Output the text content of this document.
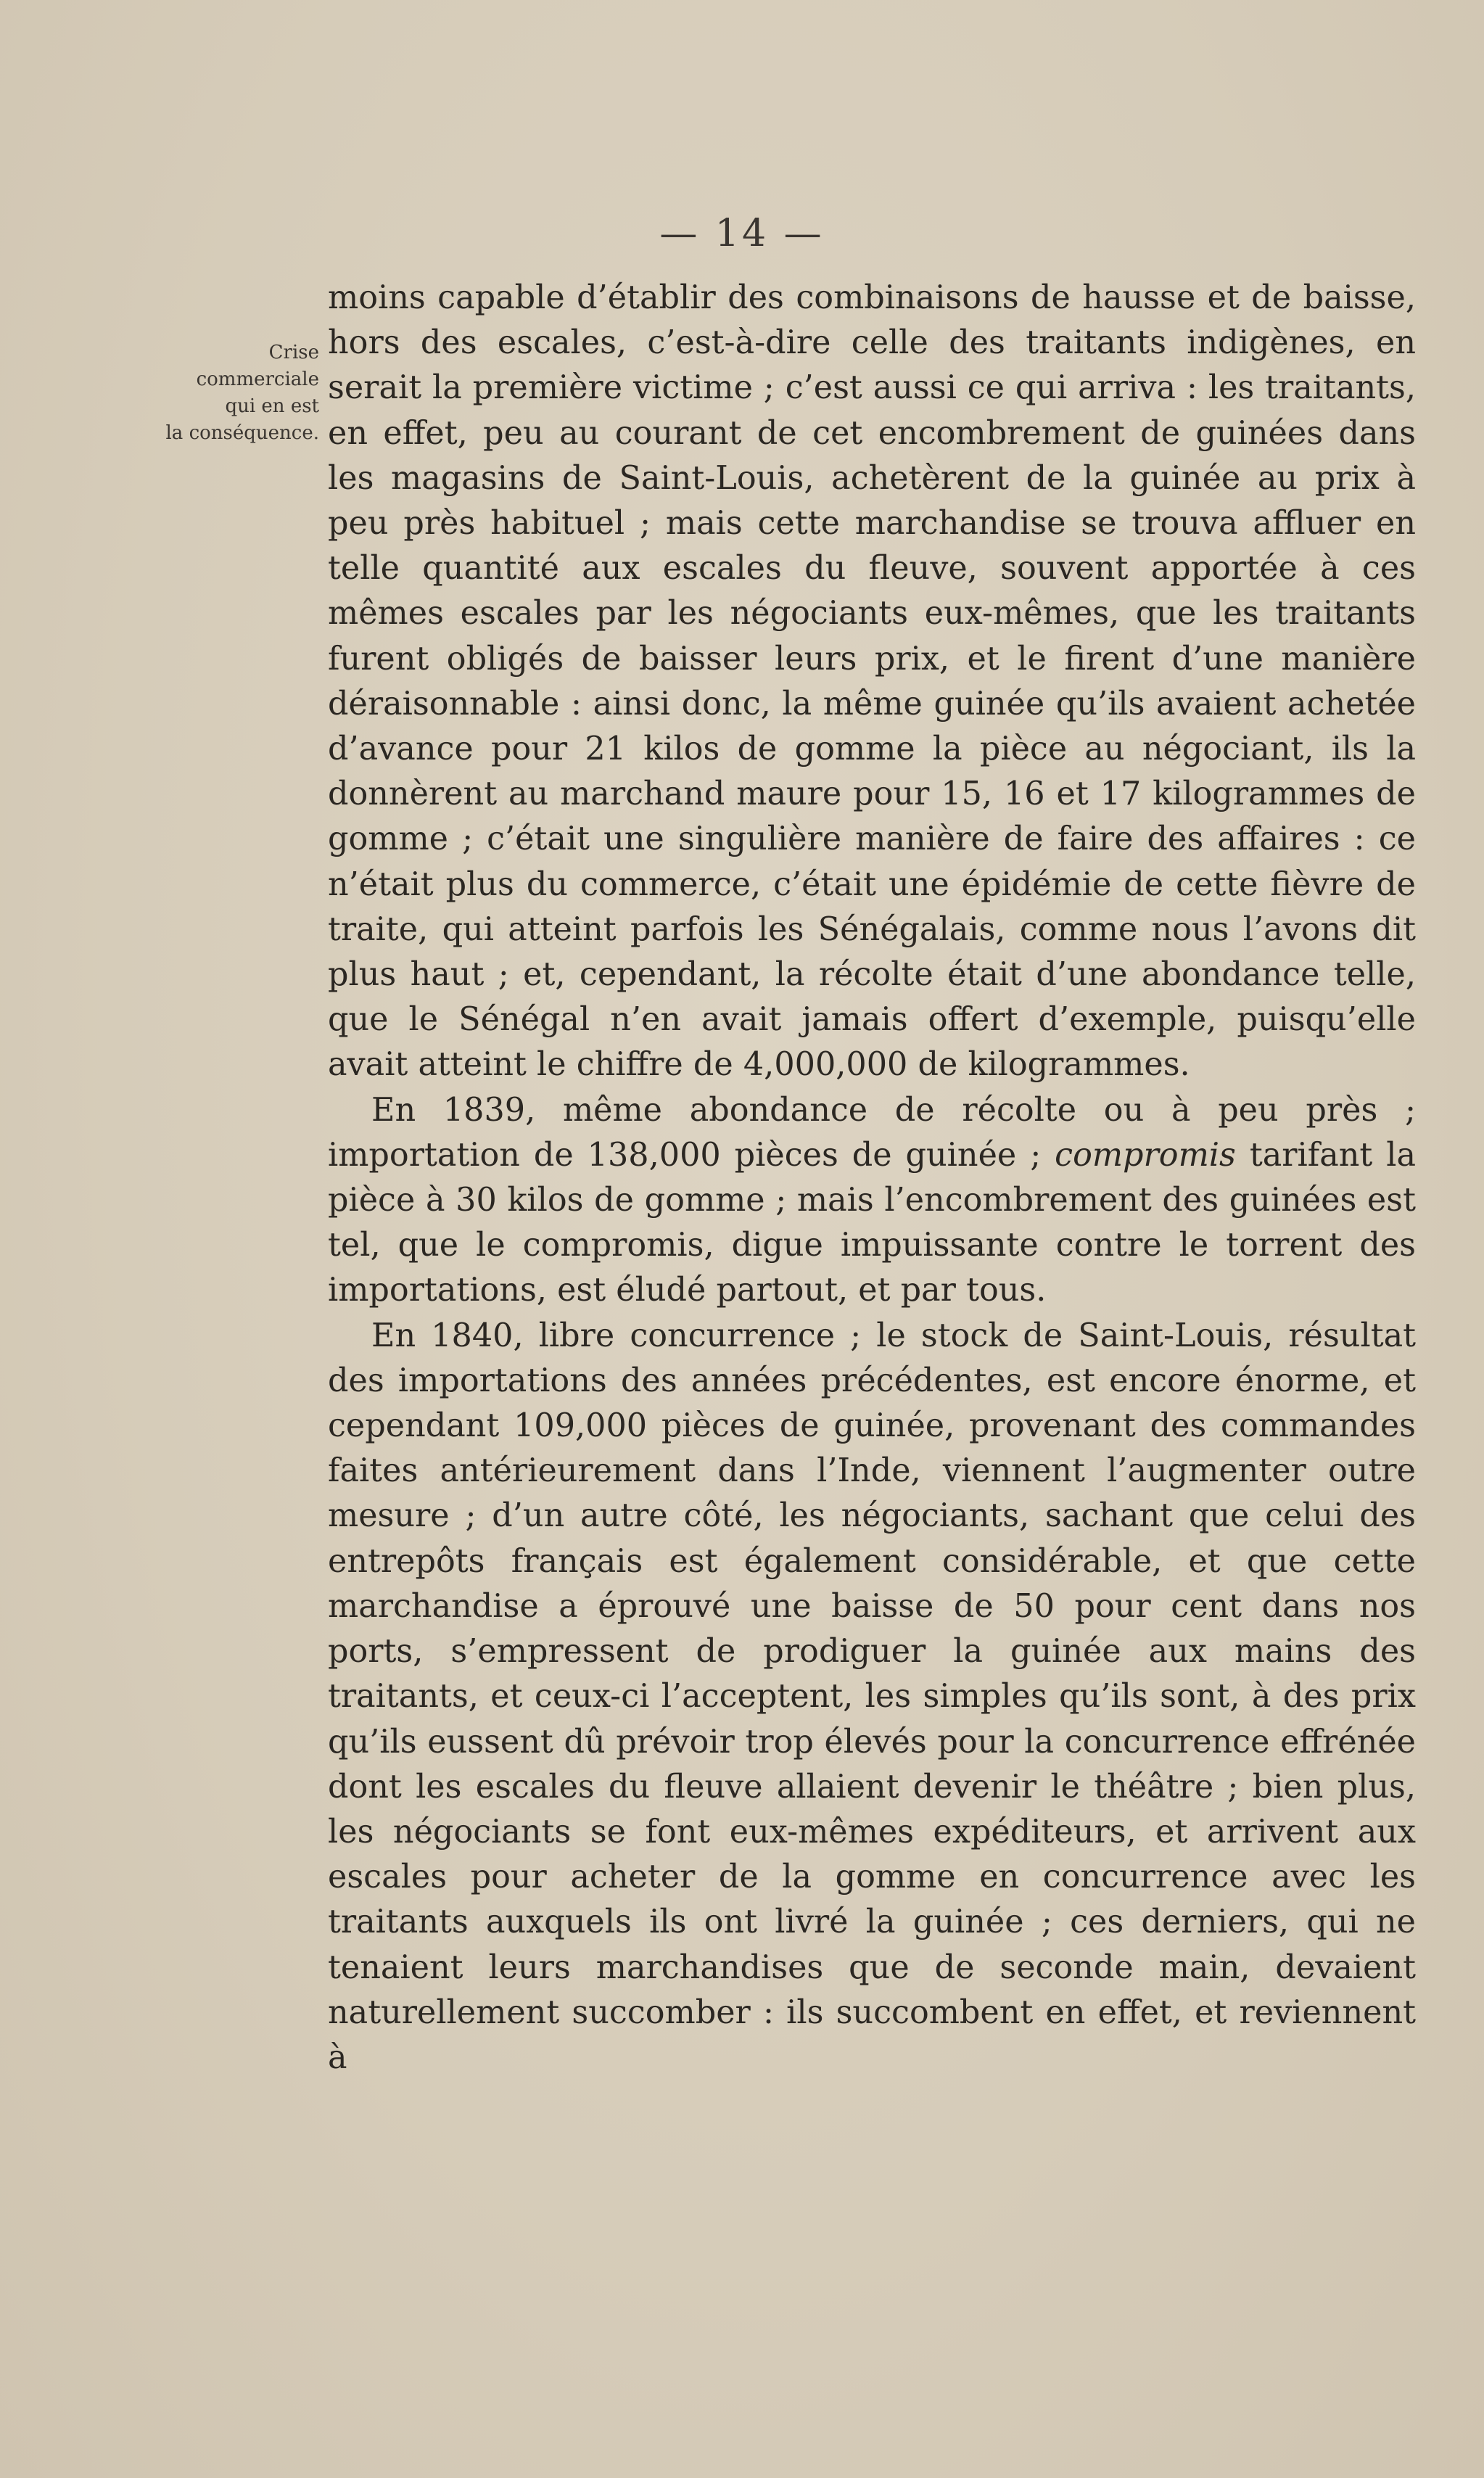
— 14 —
Crise
commerciale
qui en est
la conséquence.

moins capable d’établir des combinaisons de hausse et de baisse, hors des escales, c’est-à-dire celle des traitants indigènes, en serait la première victime ; c’est aussi ce qui arriva : les traitants, en effet, peu au courant de cet encombrement de guinées dans les magasins de Saint-Louis, achetèrent de la guinée au prix à peu près habituel ; mais cette marchandise se trouva affluer en telle quantité aux escales du fleuve, souvent apportée à ces mêmes escales par les négociants eux-mêmes, que les traitants furent obligés de baisser leurs prix, et le firent d’une manière déraisonnable : ainsi donc, la même guinée qu’ils avaient achetée d’avance pour 21 kilos de gomme la pièce au négociant, ils la donnèrent au marchand maure pour 15, 16 et 17 kilogrammes de gomme ; c’était une singulière manière de faire des affaires : ce n’était plus du commerce, c’était une épidémie de cette fièvre de traite, qui atteint parfois les Sénégalais, comme nous l’avons dit plus haut ; et, cependant, la récolte était d’une abondance telle, que le Sénégal n’en avait jamais offert d’exemple, puisqu’elle avait atteint le chiffre de 4,000,000 de kilogrammes.

En 1839, même abondance de récolte ou à peu près ; importation de 138,000 pièces de guinée ; compromis tarifant la pièce à 30 kilos de gomme ; mais l’encombrement des guinées est tel, que le compromis, digue impuissante contre le torrent des importations, est éludé partout, et par tous.

En 1840, libre concurrence ; le stock de Saint-Louis, résultat des importations des années précédentes, est encore énorme, et cependant 109,000 pièces de guinée, provenant des commandes faites antérieurement dans l’Inde, viennent l’augmenter outre mesure ; d’un autre côté, les négociants, sachant que celui des entrepôts français est également considérable, et que cette marchandise a éprouvé une baisse de 50 pour cent dans nos ports, s’empressent de prodiguer la guinée aux mains des traitants, et ceux-ci l’acceptent, les simples qu’ils sont, à des prix qu’ils eussent dû prévoir trop élevés pour la concurrence effrénée dont les escales du fleuve allaient devenir le théâtre ; bien plus, les négociants se font eux-mêmes expéditeurs, et arrivent aux escales pour acheter de la gomme en concurrence avec les traitants auxquels ils ont livré la guinée ; ces derniers, qui ne tenaient leurs marchandises que de seconde main, devaient naturellement succomber : ils succombent en effet, et reviennent à
